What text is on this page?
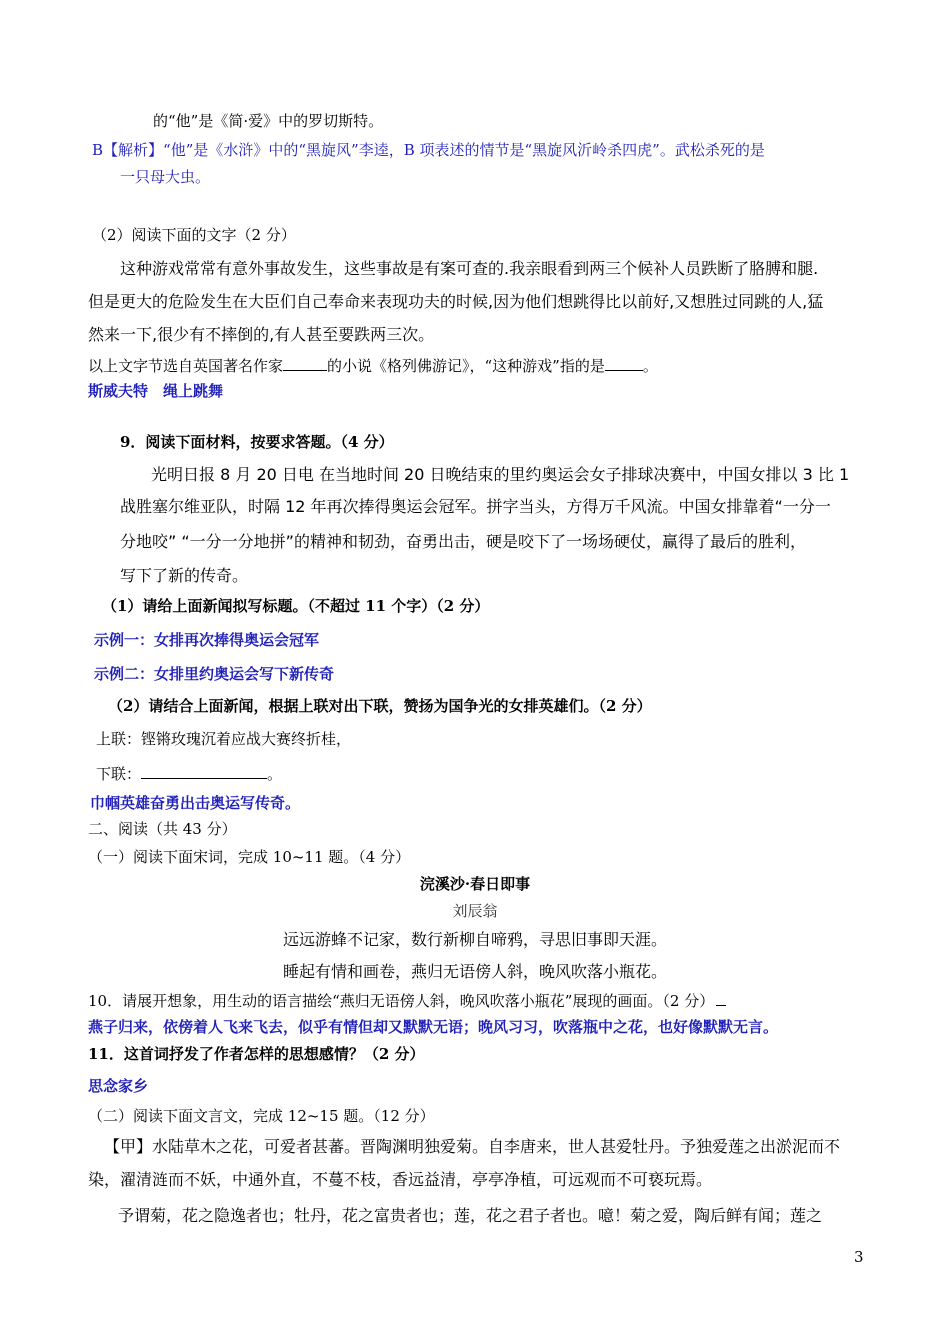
的“他”是《简·爱》中的罗切斯特。
B【解析】“他”是《水浒》中的“黑旋风”李逵，B 项表述的情节是“黑旋风沂岭杀四虎”。武松杀死的是
一只母大虫。
（2）阅读下面的文字（2 分）
这种游戏常常有意外事故发生，这些事故是有案可查的.我亲眼看到两三个候补人员跌断了胳膊和腿.
但是更大的危险发生在大臣们自己奉命来表现功夫的时候,因为他们想跳得比以前好,又想胜过同跳的人,猛
然来一下,很少有不摔倒的,有人甚至要跌两三次。
以上文字节选自英国著名作家	的小说《格列佛游记》，“这种游戏”指的是	。
斯威夫特　绳上跳舞
9．阅读下面材料，按要求答题。（4 分）
光明日报 8 月 20 日电 在当地时间 20 日晚结束的里约奥运会女子排球决赛中，中国女排以 3 比 1
战胜塞尔维亚队，时隔 12 年再次捧得奥运会冠军。拼字当头，方得万千风流。中国女排靠着“一分一
分地咬” “一分一分地拼”的精神和韧劲，奋勇出击，硬是咬下了一场场硬仗，赢得了最后的胜利，
写下了新的传奇。
（1）请给上面新闻拟写标题。（不超过 11 个字）（2 分）
示例一：女排再次捧得奥运会冠军
示例二：女排里约奥运会写下新传奇
（2）请结合上面新闻，根据上联对出下联，赞扬为国争光的女排英雄们。（2 分）
上联：铿锵玫瑰沉着应战大赛终折桂，
下联：	。
巾帼英雄奋勇出击奥运写传奇。
二、阅读（共 43 分）
（一）阅读下面宋词，完成 10~11 题。（4 分）
浣溪沙·春日即事
刘辰翁
远远游蜂不记家，数行新柳自啼鸦，寻思旧事即天涯。
睡起有情和画卷，燕归无语傍人斜，晚风吹落小瓶花。
10．请展开想象，用生动的语言描绘“燕归无语傍人斜，晚风吹落小瓶花”展现的画面。（2 分）
燕子归来，依傍着人飞来飞去，似乎有情但却又默默无语；晚风习习，吹落瓶中之花，也好像默默无言。
11．这首词抒发了作者怎样的思想感情？（2 分）
思念家乡
（二）阅读下面文言文，完成 12~15 题。（12 分）
【甲】水陆草木之花，可爱者甚蕃。晋陶渊明独爱菊。自李唐来，世人甚爱牡丹。予独爱莲之出淤泥而不
染，濯清涟而不妖，中通外直，不蔓不枝，香远益清，亭亭净植，可远观而不可亵玩焉。
予谓菊，花之隐逸者也；牡丹，花之富贵者也；莲，花之君子者也。噫！菊之爱，陶后鲜有闻；莲之
3
